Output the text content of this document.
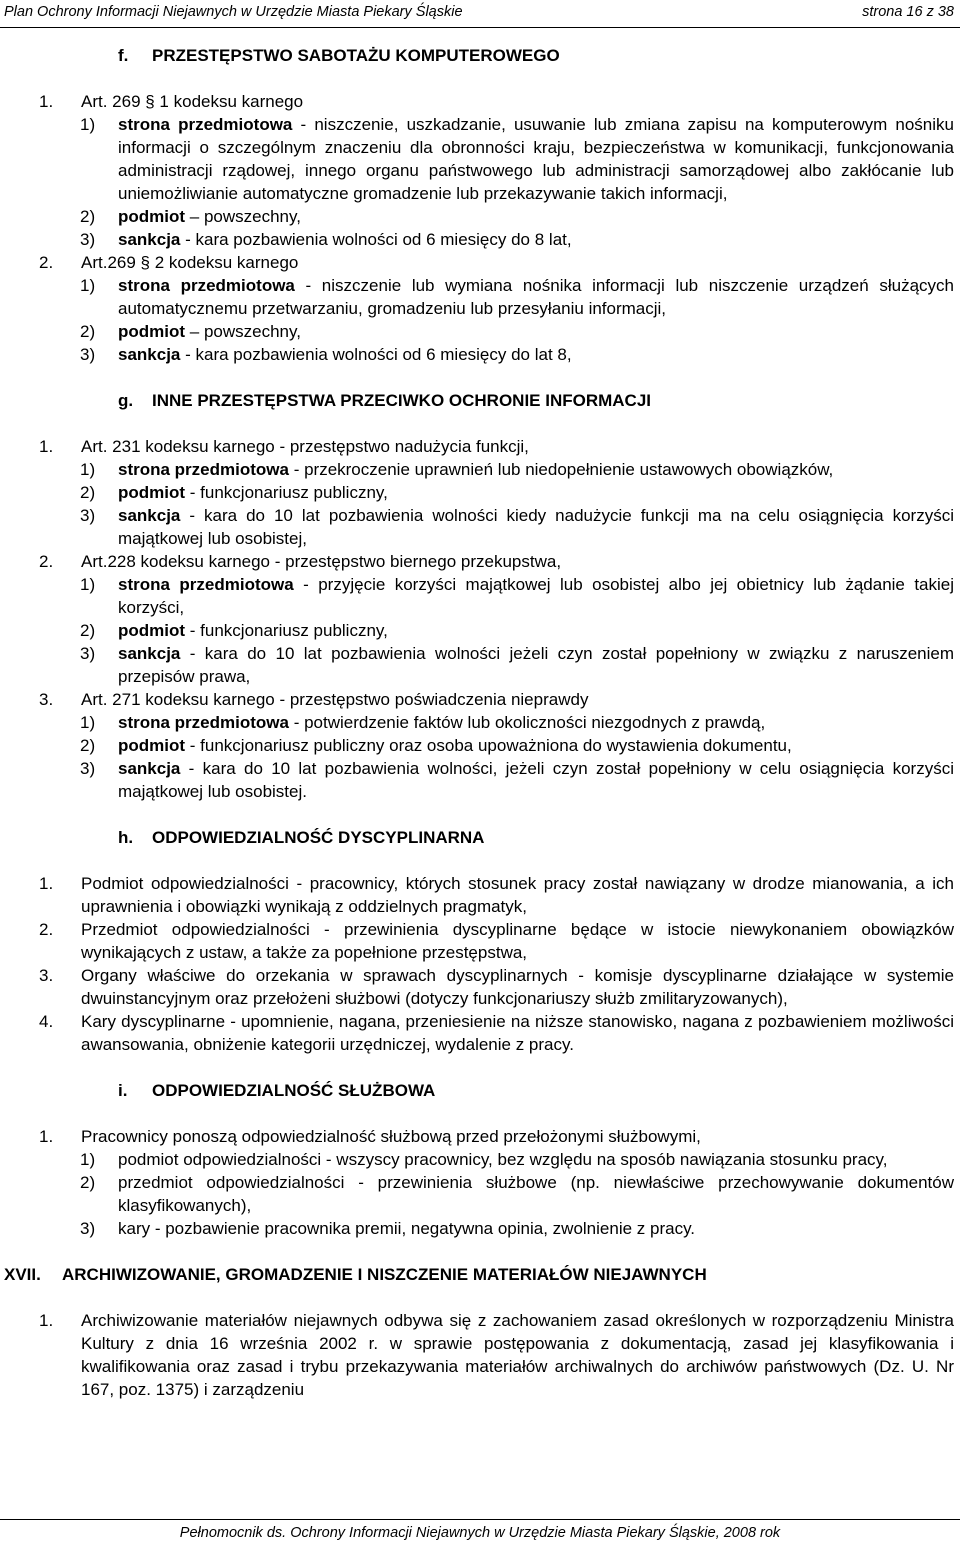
Plan Ochrony Informacji Niejawnych w Urzędzie Miasta Piekary Śląskie	strona 16 z 38
f. PRZESTĘPSTWO SABOTAŻU KOMPUTEROWEGO
1. Art. 269 § 1 kodeksu karnego
1) strona przedmiotowa - niszczenie, uszkadzanie, usuwanie lub zmiana zapisu na komputerowym nośniku informacji o szczególnym znaczeniu dla obronności kraju, bezpieczeństwa w komunikacji, funkcjonowania administracji rządowej, innego organu państwowego lub administracji samorządowej albo zakłócanie lub uniemożliwianie automatyczne gromadzenie lub przekazywanie takich informacji,
2) podmiot – powszechny,
3) sankcja - kara pozbawienia wolności od 6 miesięcy do 8 lat,
2. Art.269 § 2 kodeksu karnego
1) strona przedmiotowa - niszczenie lub wymiana nośnika informacji lub niszczenie urządzeń służących automatycznemu przetwarzaniu, gromadzeniu lub przesyłaniu informacji,
2) podmiot – powszechny,
3) sankcja - kara pozbawienia wolności od 6 miesięcy do lat 8,
g. INNE PRZESTĘPSTWA PRZECIWKO OCHRONIE INFORMACJI
1. Art. 231 kodeksu karnego - przestępstwo nadużycia funkcji,
1) strona przedmiotowa - przekroczenie uprawnień lub niedopełnienie ustawowych obowiązków,
2) podmiot - funkcjonariusz publiczny,
3) sankcja - kara do 10 lat pozbawienia wolności kiedy nadużycie funkcji ma na celu osiągnięcia korzyści majątkowej lub osobistej,
2. Art.228 kodeksu karnego - przestępstwo biernego przekupstwa,
1) strona przedmiotowa - przyjęcie korzyści majątkowej lub osobistej albo jej obietnicy lub żądanie takiej korzyści,
2) podmiot - funkcjonariusz publiczny,
3) sankcja - kara do 10 lat pozbawienia wolności jeżeli czyn został popełniony w związku z naruszeniem przepisów prawa,
3. Art. 271 kodeksu karnego - przestępstwo poświadczenia nieprawdy
1) strona przedmiotowa - potwierdzenie faktów lub okoliczności niezgodnych z prawdą,
2) podmiot - funkcjonariusz publiczny oraz osoba upoważniona do wystawienia dokumentu,
3) sankcja - kara do 10 lat pozbawienia wolności, jeżeli czyn został popełniony w celu osiągnięcia korzyści majątkowej lub osobistej.
h. ODPOWIEDZIALNOŚĆ DYSCYPLINARNA
1. Podmiot odpowiedzialności - pracownicy, których stosunek pracy został nawiązany w drodze mianowania, a ich uprawnienia i obowiązki wynikają z oddzielnych pragmatyk,
2. Przedmiot odpowiedzialności - przewinienia dyscyplinarne będące w istocie niewykonaniem obowiązków wynikających z ustaw, a także za popełnione przestępstwa,
3. Organy właściwe do orzekania w sprawach dyscyplinarnych - komisje dyscyplinarne działające w systemie dwuinstancyjnym oraz przełożeni służbowi (dotyczy funkcjonariuszy służb zmilitaryzowanych),
4. Kary dyscyplinarne - upomnienie, nagana, przeniesienie na niższe stanowisko, nagana z pozbawieniem możliwości awansowania, obniżenie kategorii urzędniczej, wydalenie z pracy.
i. ODPOWIEDZIALNOŚĆ SŁUŻBOWA
1. Pracownicy ponoszą odpowiedzialność służbową przed przełożonymi służbowymi,
1) podmiot odpowiedzialności - wszyscy pracownicy, bez względu na sposób nawiązania stosunku pracy,
2) przedmiot odpowiedzialności - przewinienia służbowe (np. niewłaściwe przechowywanie dokumentów klasyfikowanych),
3) kary - pozbawienie pracownika premii, negatywna opinia, zwolnienie z pracy.
XVII. ARCHIWIZOWANIE, GROMADZENIE I NISZCZENIE MATERIAŁÓW NIEJAWNYCH
1. Archiwizowanie materiałów niejawnych odbywa się z zachowaniem zasad określonych w rozporządzeniu Ministra Kultury z dnia 16 września 2002 r. w sprawie postępowania z dokumentacją, zasad jej klasyfikowania i kwalifikowania oraz zasad i trybu przekazywania materiałów archiwalnych do archiwów państwowych (Dz. U. Nr 167, poz. 1375) i zarządzeniu
Pełnomocnik ds. Ochrony Informacji Niejawnych w Urzędzie Miasta Piekary Śląskie, 2008 rok
